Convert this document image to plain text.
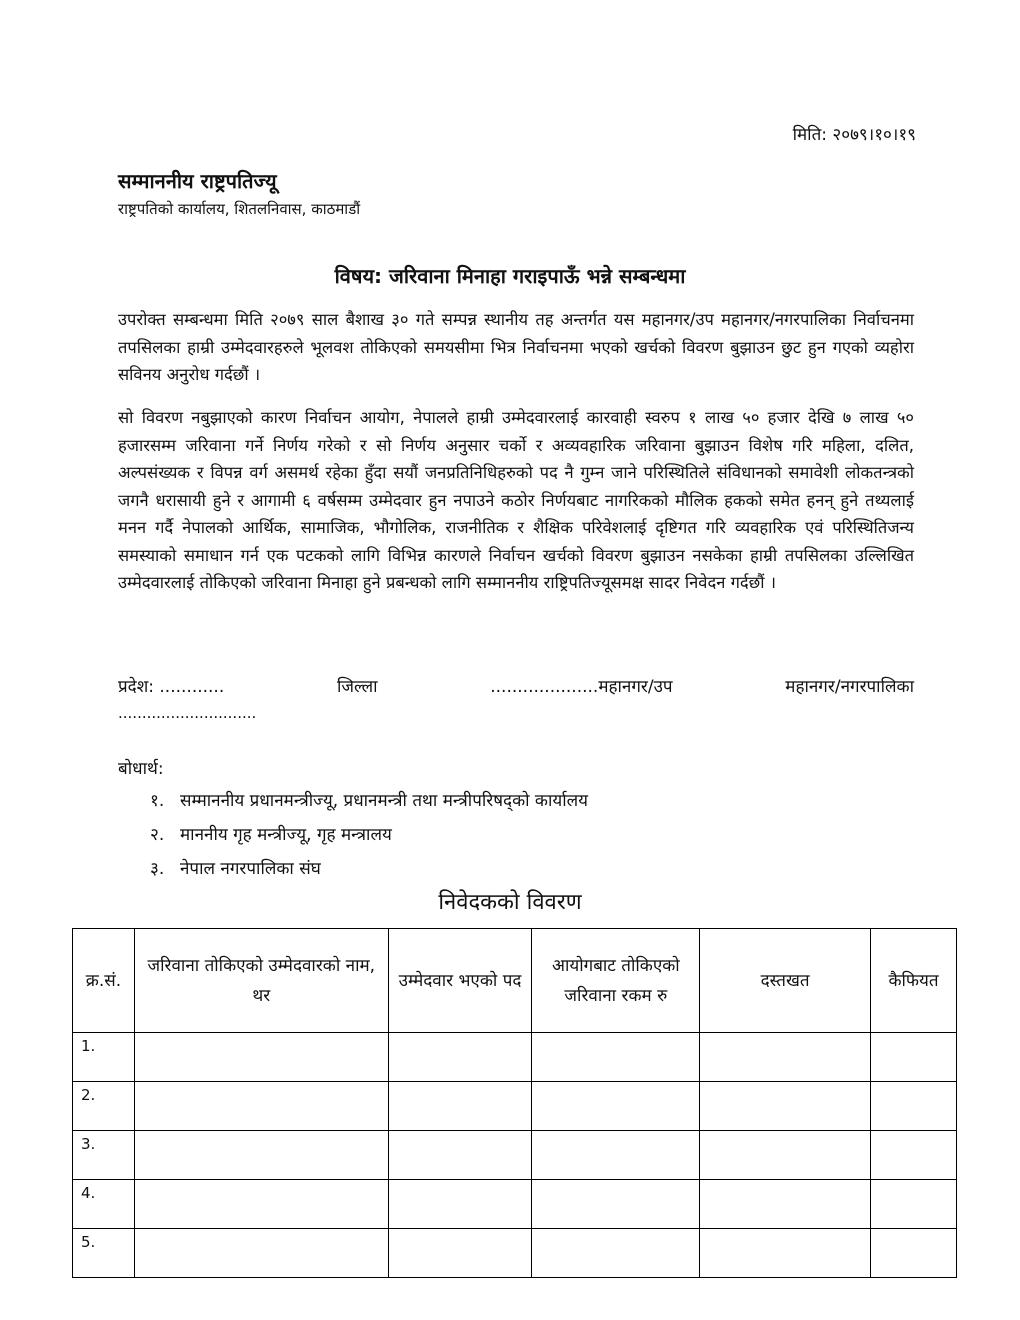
मिति: २०७९।१०।१९
सम्माननीय राष्ट्रपतिज्यू
राष्ट्रपतिको कार्यालय, शितलनिवास, काठमाडौं
विषय: जरिवाना मिनाहा गराइपाऊँ भन्ने सम्बन्धमा

उपरोक्त सम्बन्धमा मिति २०७९ साल बैशाख ३० गते सम्पन्न स्थानीय तह अन्तर्गत यस महानगर/उप महानगर/नगरपालिका निर्वाचनमा तपसिलका हाम्री उम्मेदवारहरुले भूलवश तोकिएको समयसीमा भित्र निर्वाचनमा भएको खर्चको विवरण बुझाउन छुट हुन गएको व्यहोरा सविनय अनुरोध गर्दछौं ।

सो विवरण नबुझाएको कारण निर्वाचन आयोग, नेपालले हाम्री उम्मेदवारलाई कारवाही स्वरुप १ लाख ५० हजार देखि ७ लाख ५० हजारसम्म जरिवाना गर्ने निर्णय गरेको र सो निर्णय अनुसार चर्को र अव्यवहारिक जरिवाना बुझाउन विशेष गरि महिला, दलित, अल्पसंख्यक र विपन्न वर्ग असमर्थ रहेका हुँदा सयौं जनप्रतिनिधिहरुको पद नै गुम्न जाने परिस्थितिले संविधानको समावेशी लोकतन्त्रको जगनै धरासायी हुने र आगामी ६ वर्षसम्म उम्मेदवार हुन नपाउने कठोर निर्णयबाट नागरिकको मौलिक हकको समेत हनन् हुने तथ्यलाई मनन गर्दै नेपालको आर्थिक, सामाजिक, भौगोलिक, राजनीतिक र शैक्षिक परिवेशलाई दृष्टिगत गरि व्यवहारिक एवं परिस्थितिजन्य समस्याको समाधान गर्न एक पटकको लागि विभिन्न कारणले निर्वाचन खर्चको विवरण बुझाउन नसकेका हाम्री तपसिलका उल्लिखित उम्मेदवारलाई तोकिएको जरिवाना मिनाहा हुने प्रबन्धको लागि सम्माननीय राष्ट्रिपतिज्यूसमक्ष सादर निवेदन गर्दछौं ।

प्रदेश: ............	जिल्ला	....................महानगर/उप	महानगर/नगरपालिका
.............................
बोधार्थ:
१. सम्माननीय प्रधानमन्त्रीज्यू, प्रधानमन्त्री तथा मन्त्रीपरिषद्को कार्यालय
२. माननीय गृह मन्त्रीज्यू, गृह मन्त्रालय
३. नेपाल नगरपालिका संघ
निवेदकको विवरण
क्र.सं.	जरिवाना तोकिएको उम्मेदवारको नाम, थर	उम्मेदवार भएको पद	आयोगबाट तोकिएको जरिवाना रकम रु	दस्तखत	कैफियत
1.					
2.					
3.					
4.					
5.					
